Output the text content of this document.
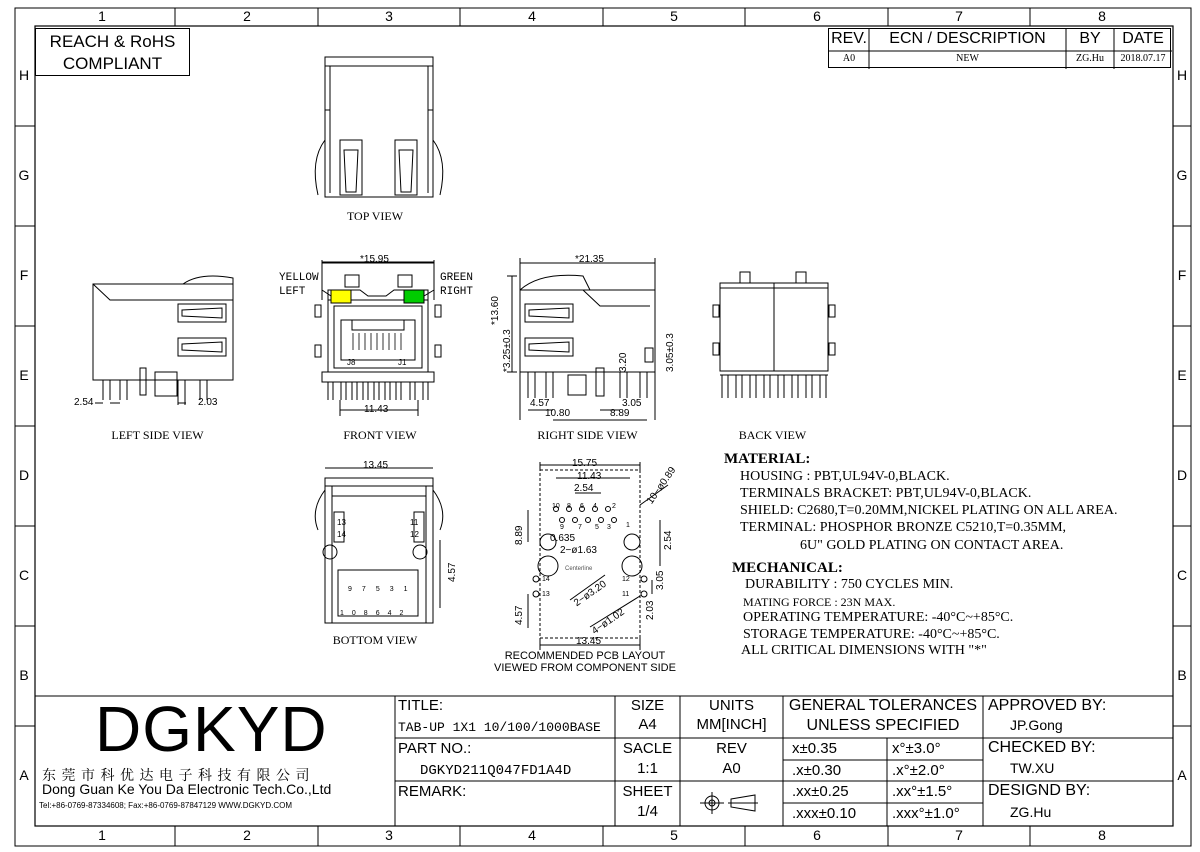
1	2	3	4	5	6	7	8
1	2	3	4	5	6	7	8
H
G
F
E
D
C
B
A
H
G
F
E
D
C
B
A
REACH & RoHS
COMPLIANT
REV.	ECN / DESCRIPTION	BY	DATE
A0	NEW	ZG.Hu	2018.07.17
TOP VIEW
LEFT SIDE VIEW	FRONT VIEW	RIGHT SIDE VIEW	BACK VIEW
BOTTOM VIEW
RECOMMENDED PCB LAYOUT
VIEWED FROM COMPONENT SIDE
YELLOW
LEFT
GREEN
RIGHT
*15.95
11.43
J8	J1
2.54	2.03
*21.35
*13.60
*3.25±0.3	3.20	3.05±0.3
4.57	3.05
10.80	8.89
13.45
4.57
13
14
11
12
97531
108642
15.75
11.43
2.54	10−ø0.89
8.89	0.635
2−ø1.63
2.54
Centerline
2−ø3.20
4−ø1.02
3.05
2.03
4.57
13.45
10 8 6 4 2
9 7 5 3 1
14
13
12
11
MATERIAL:
HOUSING : PBT,UL94V-0,BLACK.
TERMINALS BRACKET: PBT,UL94V-0,BLACK.
SHIELD: C2680,T=0.20MM,NICKEL PLATING ON ALL AREA.
TERMINAL: PHOSPHOR BRONZE C5210,T=0.35MM,
6U" GOLD PLATING ON CONTACT AREA.
MECHANICAL:
DURABILITY : 750 CYCLES MIN.
MATING FORCE : 23N MAX.
OPERATING TEMPERATURE: -40°C~+85°C.
STORAGE TEMPERATURE: -40°C~+85°C.
ALL CRITICAL DIMENSIONS WITH "*"
DGKYD
东莞市科优达电子科技有限公司
Dong Guan Ke You Da Electronic Tech.Co.,Ltd
Tel:+86-0769-87334608; Fax:+86-0769-87847129 WWW.DGKYD.COM
TITLE:
TAB-UP 1X1 10/100/1000BASE
PART NO.:
DGKYD211Q047FD1A4D
REMARK:
SIZE
A4
UNITS
MM[INCH]
SACLE
1:1
REV
A0
SHEET
1/4
GENERAL TOLERANCES
UNLESS SPECIFIED
x±0.35	x°±3.0°
.x±0.30	.x°±2.0°
.xx±0.25	.xx°±1.5°
.xxx±0.10 .xxx°±1.0°
APPROVED BY:
JP.Gong
CHECKED BY:
TW.XU
DESIGND BY:
ZG.Hu
